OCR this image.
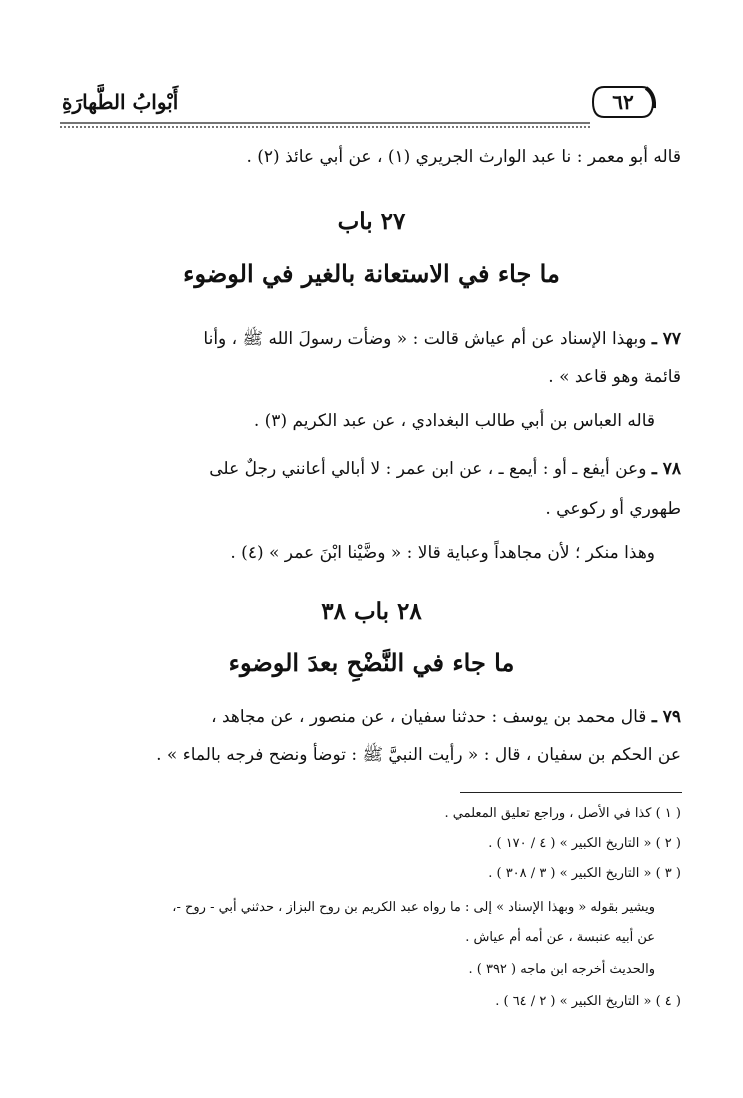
٦٢
أَبْوابُ الطَّهارَةِ
قاله أبو معمر : نا عبد الوارث الجريري (١) ، عن أبي عائذ (٢) .
٢٧ باب
ما جاء في الاستعانة بالغير في الوضوء
٧٧ ـ وبهذا الإسناد عن أم عياش قالت : « وضأت رسولَ الله ﷺ ، وأنا
قائمة وهو قاعد » .
قاله العباس بن أبي طالب البغدادي ، عن عبد الكريم (٣) .
٧٨ ـ وعن أيفع ـ أو : أيمع ـ ، عن ابن عمر : لا أبالي أعانني رجلٌ على
طهوري أو ركوعي .
وهذا منكر ؛ لأن مجاهداً وعباية قالا : « وضَّيْنا ابْنَ عمر » (٤) .
٢٨ باب ٣٨
ما جاء في النَّضْحِ بعدَ الوضوء
٧٩ ـ قال محمد بن يوسف : حدثنا سفيان ، عن منصور ، عن مجاهد ،
عن الحكم بن سفيان ، قال : « رأيت النبيَّ ﷺ : توضأ ونضح فرجه بالماء » .
( ١ ) كذا في الأصل ، وراجع تعليق المعلمي .
( ٢ ) « التاريخ الكبير » ( ٤ / ١٧٠ ) .
( ٣ ) « التاريخ الكبير » ( ٣ / ٣٠٨ ) .
ويشير بقوله « وبهذا الإسناد » إلى : ما رواه عبد الكريم بن روح البزاز ، حدثني أبي - روح -،
عن أبيه عنبسة ، عن أمه أم عياش .
والحديث أخرجه ابن ماجه ( ٣٩٢ ) .
( ٤ ) « التاريخ الكبير » ( ٢ / ٦٤ ) .
